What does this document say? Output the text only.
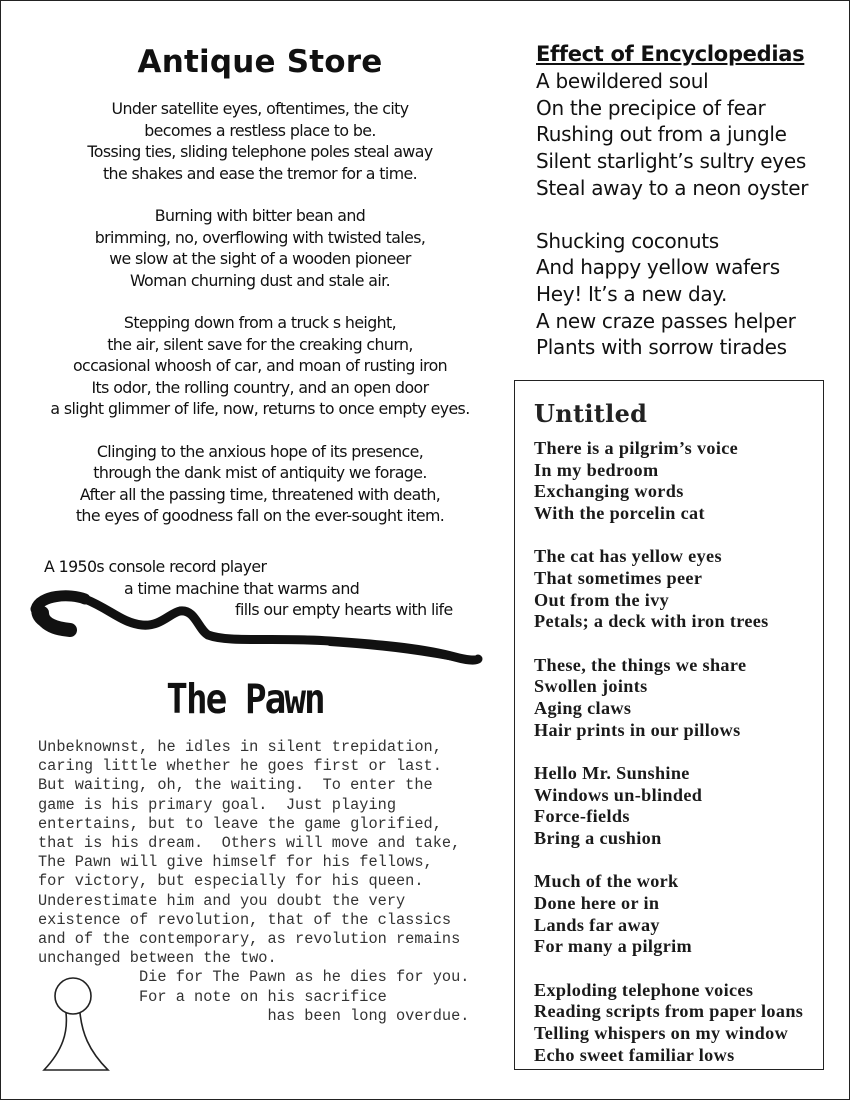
Antique Store
Under satellite eyes, oftentimes, the city
becomes a restless place to be.
Tossing ties, sliding telephone poles steal away
the shakes and ease the tremor for a time.
Burning with bitter bean and
brimming, no, overflowing with twisted tales,
we slow at the sight of a wooden pioneer
Woman churning dust and stale air.
Stepping down from a truck s height,
the air, silent save for the creaking churn,
occasional whoosh of car, and moan of rusting iron
Its odor, the rolling country, and an open door
a slight glimmer of life, now, returns to once empty eyes.
Clinging to the anxious hope of its presence,
through the dank mist of antiquity we forage.
After all the passing time, threatened with death,
the eyes of goodness fall on the ever-sought item.
A 1950s console record player
a time machine that warms and
fills our empty hearts with life
The Pawn
Unbeknownst, he idles in silent trepidation,
caring little whether he goes first or last.
But waiting, oh, the waiting.  To enter the
game is his primary goal.  Just playing
entertains, but to leave the game glorified,
that is his dream.  Others will move and take,
The Pawn will give himself for his fellows,
for victory, but especially for his queen.
Underestimate him and you doubt the very
existence of revolution, that of the classics
and of the contemporary, as revolution remains
unchanged between the two.
Die for The Pawn as he dies for you.
For a note on his sacrifice
has been long overdue.
Effect of Encyclopedias
A bewildered soul
On the precipice of fear
Rushing out from a jungle
Silent starlight’s sultry eyes
Steal away to a neon oyster
Shucking coconuts
And happy yellow wafers
Hey! It’s a new day.
A new craze passes helper
Plants with sorrow tirades
Untitled
There is a pilgrim’s voice
In my bedroom
Exchanging words
With the porcelin cat
The cat has yellow eyes
That sometimes peer
Out from the ivy
Petals; a deck with iron trees
These, the things we share
Swollen joints
Aging claws
Hair prints in our pillows
Hello Mr. Sunshine
Windows un-blinded
Force-fields
Bring a cushion
Much of the work
Done here or in
Lands far away
For many a pilgrim
Exploding telephone voices
Reading scripts from paper loans
Telling whispers on my window
Echo sweet familiar lows
